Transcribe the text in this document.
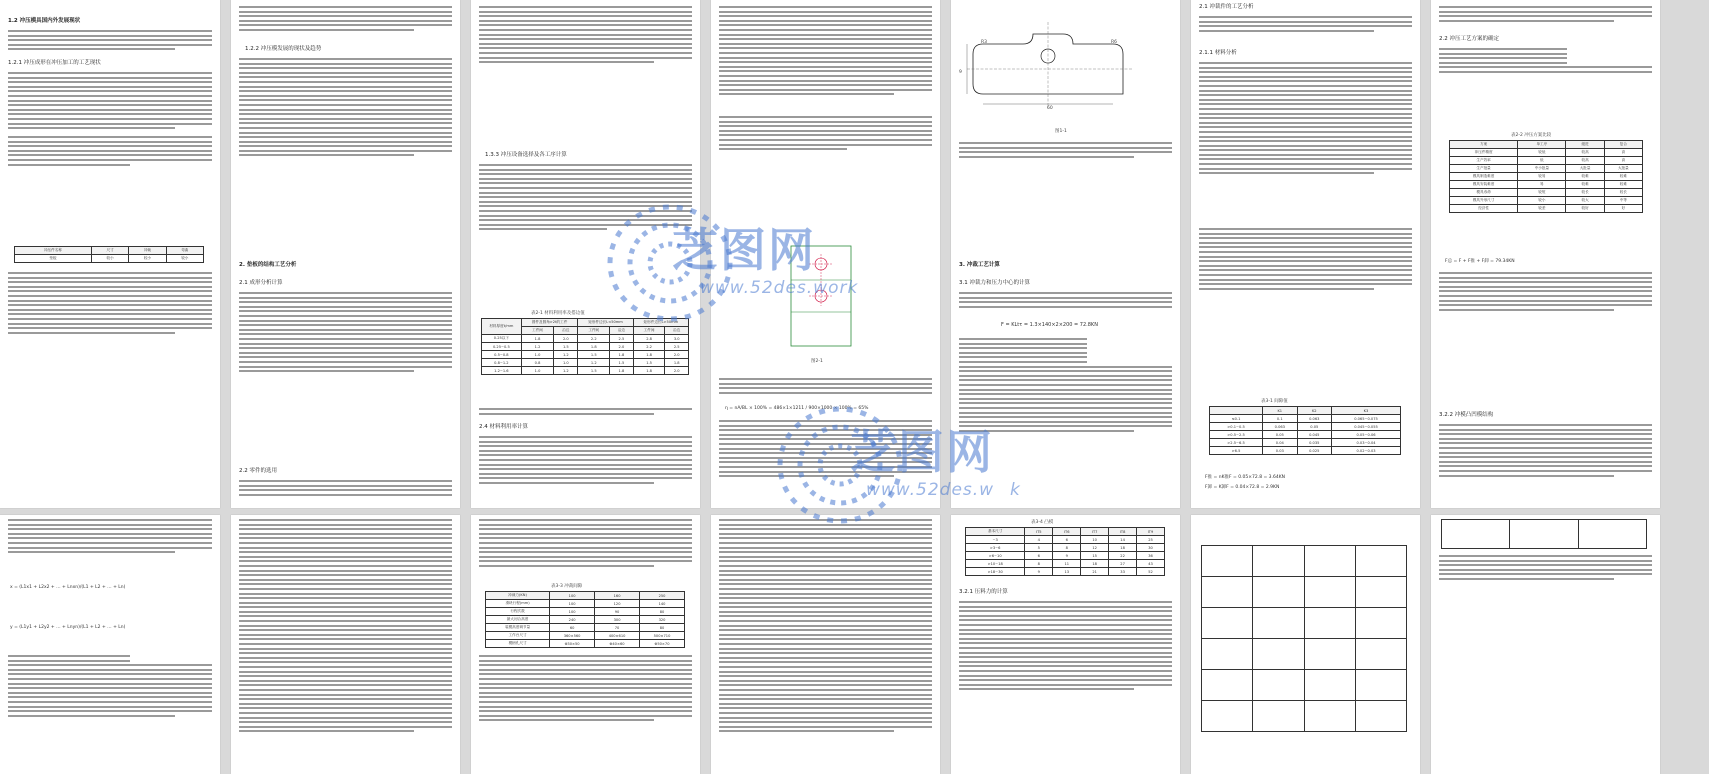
1.2 冲压模具国内外发展现状
1.2.1 冲压成形在冲压加工的工艺现状
冲压件名称	尺寸	冲裁	弯曲
垫板	较小	较小	较小
1.2.2 冲压模发展的现状及趋势
2. 垫板的结构工艺分析
2.1 成形分析计算
2.2 零件的选用
1.3.3 冲压设备选择及各工序计算
表2-1 材料利用率及搭边值
材料厚度t/mm	圆件及圆角>2t的工件		矩形件边长L<50mm		矩形件边长L>50mm	
	工件间	沿边	工件间	沿边	工件间	沿边
0.25以下	1.8	2.0	2.2	2.5	2.8	3.0
0.25~0.5	1.2	1.5	1.8	2.0	2.2	2.5
0.5~0.8	1.0	1.2	1.5	1.8	1.8	2.0
0.8~1.2	0.8	1.0	1.2	1.5	1.5	1.8
1.2~1.6	1.0	1.2	1.5	1.8	1.8	2.0
2.4 材料利用率计算
图2-1
η = nA/BL × 100% = 486×1×1211 / 900×1000 × 100% = 65%
R3
9
60
R6
图1-1
3. 冲裁工艺计算
3.1 冲裁力和压力中心的计算
F = KLtτ = 1.3×140×2×200 = 72.8KN
2.1 冲裁件的工艺分析
2.1.1 材料分析
表3-1 间隙值
	K1	K2	K3
≤0.1	0.1	0.063	0.065~0.075
>0.1~0.5	0.063	0.05	0.045~0.055
>0.5~2.5	0.05	0.045	0.05~0.06
>2.5~6.5	0.04	0.035	0.03~0.04
>6.5	0.03	0.025	0.02~0.03
F推 = nK推F = 0.05×72.8 = 3.64KN
F卸 = K卸F = 0.04×72.8 = 2.9KN
2.2 冲压工艺方案的确定
表2-2 冲压方案比较
方案	单工序	级进	复合
冲压件精度	较低	较高	高
生产效率	低	较高	高
生产批量	中小批量	大批量	大批量
模具制造难度	较易	较难	较难
模具安装难度	易	较难	较难
模具寿命	较短	较长	较长
模具外形尺寸	较小	较大	中等
经济性	较差	较好	好
F总 = F + F推 + F卸 = 79.34KN
3.2.2 冲模凸凹模结构
x = (L1x1 + L2x2 + … + Lnxn)/(L1 + L2 + … + Ln)
y = (L1y1 + L2y2 + … + Lnyn)/(L1 + L2 + … + Ln)
表3-3 冲裁间隙
冲裁力(KN)	100	160	250
滑块行程(mm)	100	120	140
行程次数	100	90	80
最大闭合高度	240	300	320
装模高度调节量	60	70	80
工作台尺寸	360×560	400×610	500×710
模柄孔尺寸	Φ30×50	Φ40×60	Φ50×70
表3-4 凸模
基本尺寸	IT5	IT6	IT7	IT8	IT9
~3	4	6	10	14	25
>3~6	5	8	12	18	30
>6~10	6	9	15	22	36
>10~18	8	11	18	27	43
>18~30	9	13	21	33	52
3.2.1 压料力的计算

芝图网
www.52des.work
芝图网
www.52des.w k
